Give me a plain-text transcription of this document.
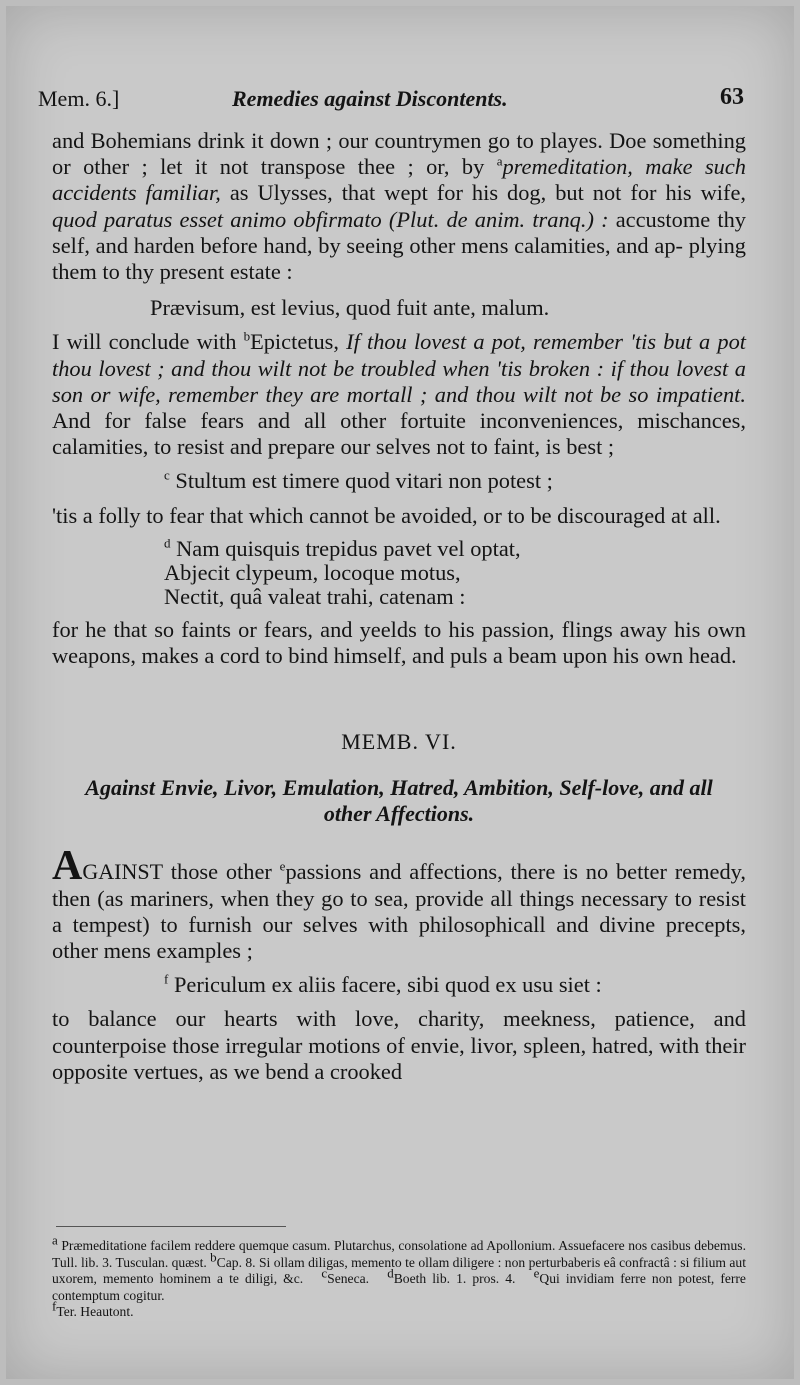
Mem. 6.]	Remedies against Discontents.	63

and Bohemians drink it down ; our countrymen go to playes. Doe something or other ; let it not transpose thee ; or, by $^a$premeditation, make such accidents familiar, as Ulysses, that wept for his dog, but not for his wife, quod paratus esset animo obfirmato (Plut. de anim. tranq.) : accustome thy self, and harden before hand, by seeing other mens calamities, and ap- plying them to thy present estate :

Prævisum, est levius, quod fuit ante, malum.

I will conclude with $^b$Epictetus, If thou lovest a pot, remember 'tis but a pot thou lovest ; and thou wilt not be troubled when 'tis broken : if thou lovest a son or wife, remember they are mortall ; and thou wilt not be so impatient. And for false fears and all other fortuite inconveniences, mischances, calamities, to resist and prepare our selves not to faint, is best ;

$^c$ Stultum est timere quod vitari non potest ;

'tis a folly to fear that which cannot be avoided, or to be discouraged at all.

$^d$ Nam quisquis trepidus pavet vel optat,
Abjecit clypeum, locoque motus,
Nectit, quâ valeat trahi, catenam :

for he that so faints or fears, and yeelds to his passion, flings away his own weapons, makes a cord to bind himself, and puls a beam upon his own head.

MEMB. VI.
Against Envie, Livor, Emulation, Hatred, Ambition, Self-love, and all other Affections.

AGAINST those other $^e$passions and affections, there is no better remedy, then (as mariners, when they go to sea, provide all things necessary to resist a tempest) to furnish our selves with philosophicall and divine precepts, other mens examples ;

$^f$ Periculum ex aliis facere, sibi quod ex usu siet :

to balance our hearts with love, charity, meekness, patience, and counterpoise those irregular motions of envie, livor, spleen, hatred, with their opposite vertues, as we bend a crooked

$^a$ Præmeditatione facilem reddere quemque casum. Plutarchus, consolatione ad Apollonium. Assuefacere nos casibus debemus. Tull. lib. 3. Tusculan. quæst. $^b$Cap. 8. Si ollam diligas, memento te ollam diligere : non perturbaberis eâ confractâ : si filium aut uxorem, memento hominem a te diligi, &c. $^c$Seneca. $^d$Boeth lib. 1. pros. 4. $^e$Qui invidiam ferre non potest, ferre contemptum cogitur.
$^f$Ter. Heautont.
